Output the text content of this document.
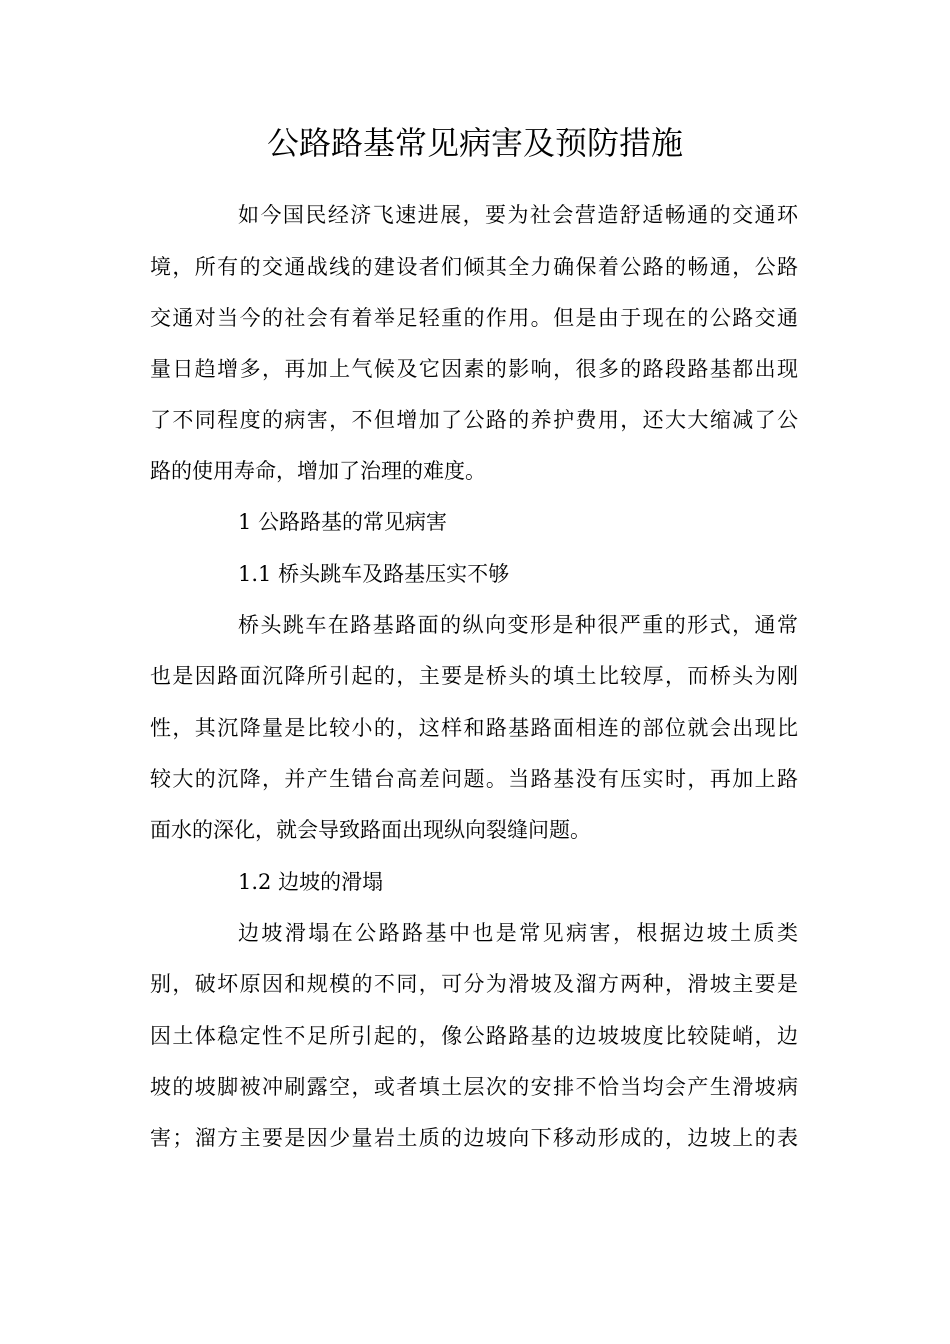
公路路基常见病害及预防措施

如今国民经济飞速进展，要为社会营造舒适畅通的交通环

境，所有的交通战线的建设者们倾其全力确保着公路的畅通，公路

交通对当今的社会有着举足轻重的作用。但是由于现在的公路交通

量日趋增多，再加上气候及它因素的影响，很多的路段路基都出现

了不同程度的病害，不但增加了公路的养护费用，还大大缩减了公

路的使用寿命，增加了治理的难度。

1 公路路基的常见病害

1.1 桥头跳车及路基压实不够

桥头跳车在路基路面的纵向变形是种很严重的形式，通常

也是因路面沉降所引起的，主要是桥头的填土比较厚，而桥头为刚

性，其沉降量是比较小的，这样和路基路面相连的部位就会出现比

较大的沉降，并产生错台高差问题。当路基没有压实时，再加上路

面水的深化，就会导致路面出现纵向裂缝问题。

1.2 边坡的滑塌

边坡滑塌在公路路基中也是常见病害，根据边坡土质类

别，破坏原因和规模的不同，可分为滑坡及溜方两种，滑坡主要是

因土体稳定性不足所引起的，像公路路基的边坡坡度比较陡峭，边

坡的坡脚被冲刷露空，或者填土层次的安排不恰当均会产生滑坡病

害；溜方主要是因少量岩土质的边坡向下移动形成的，边坡上的表
